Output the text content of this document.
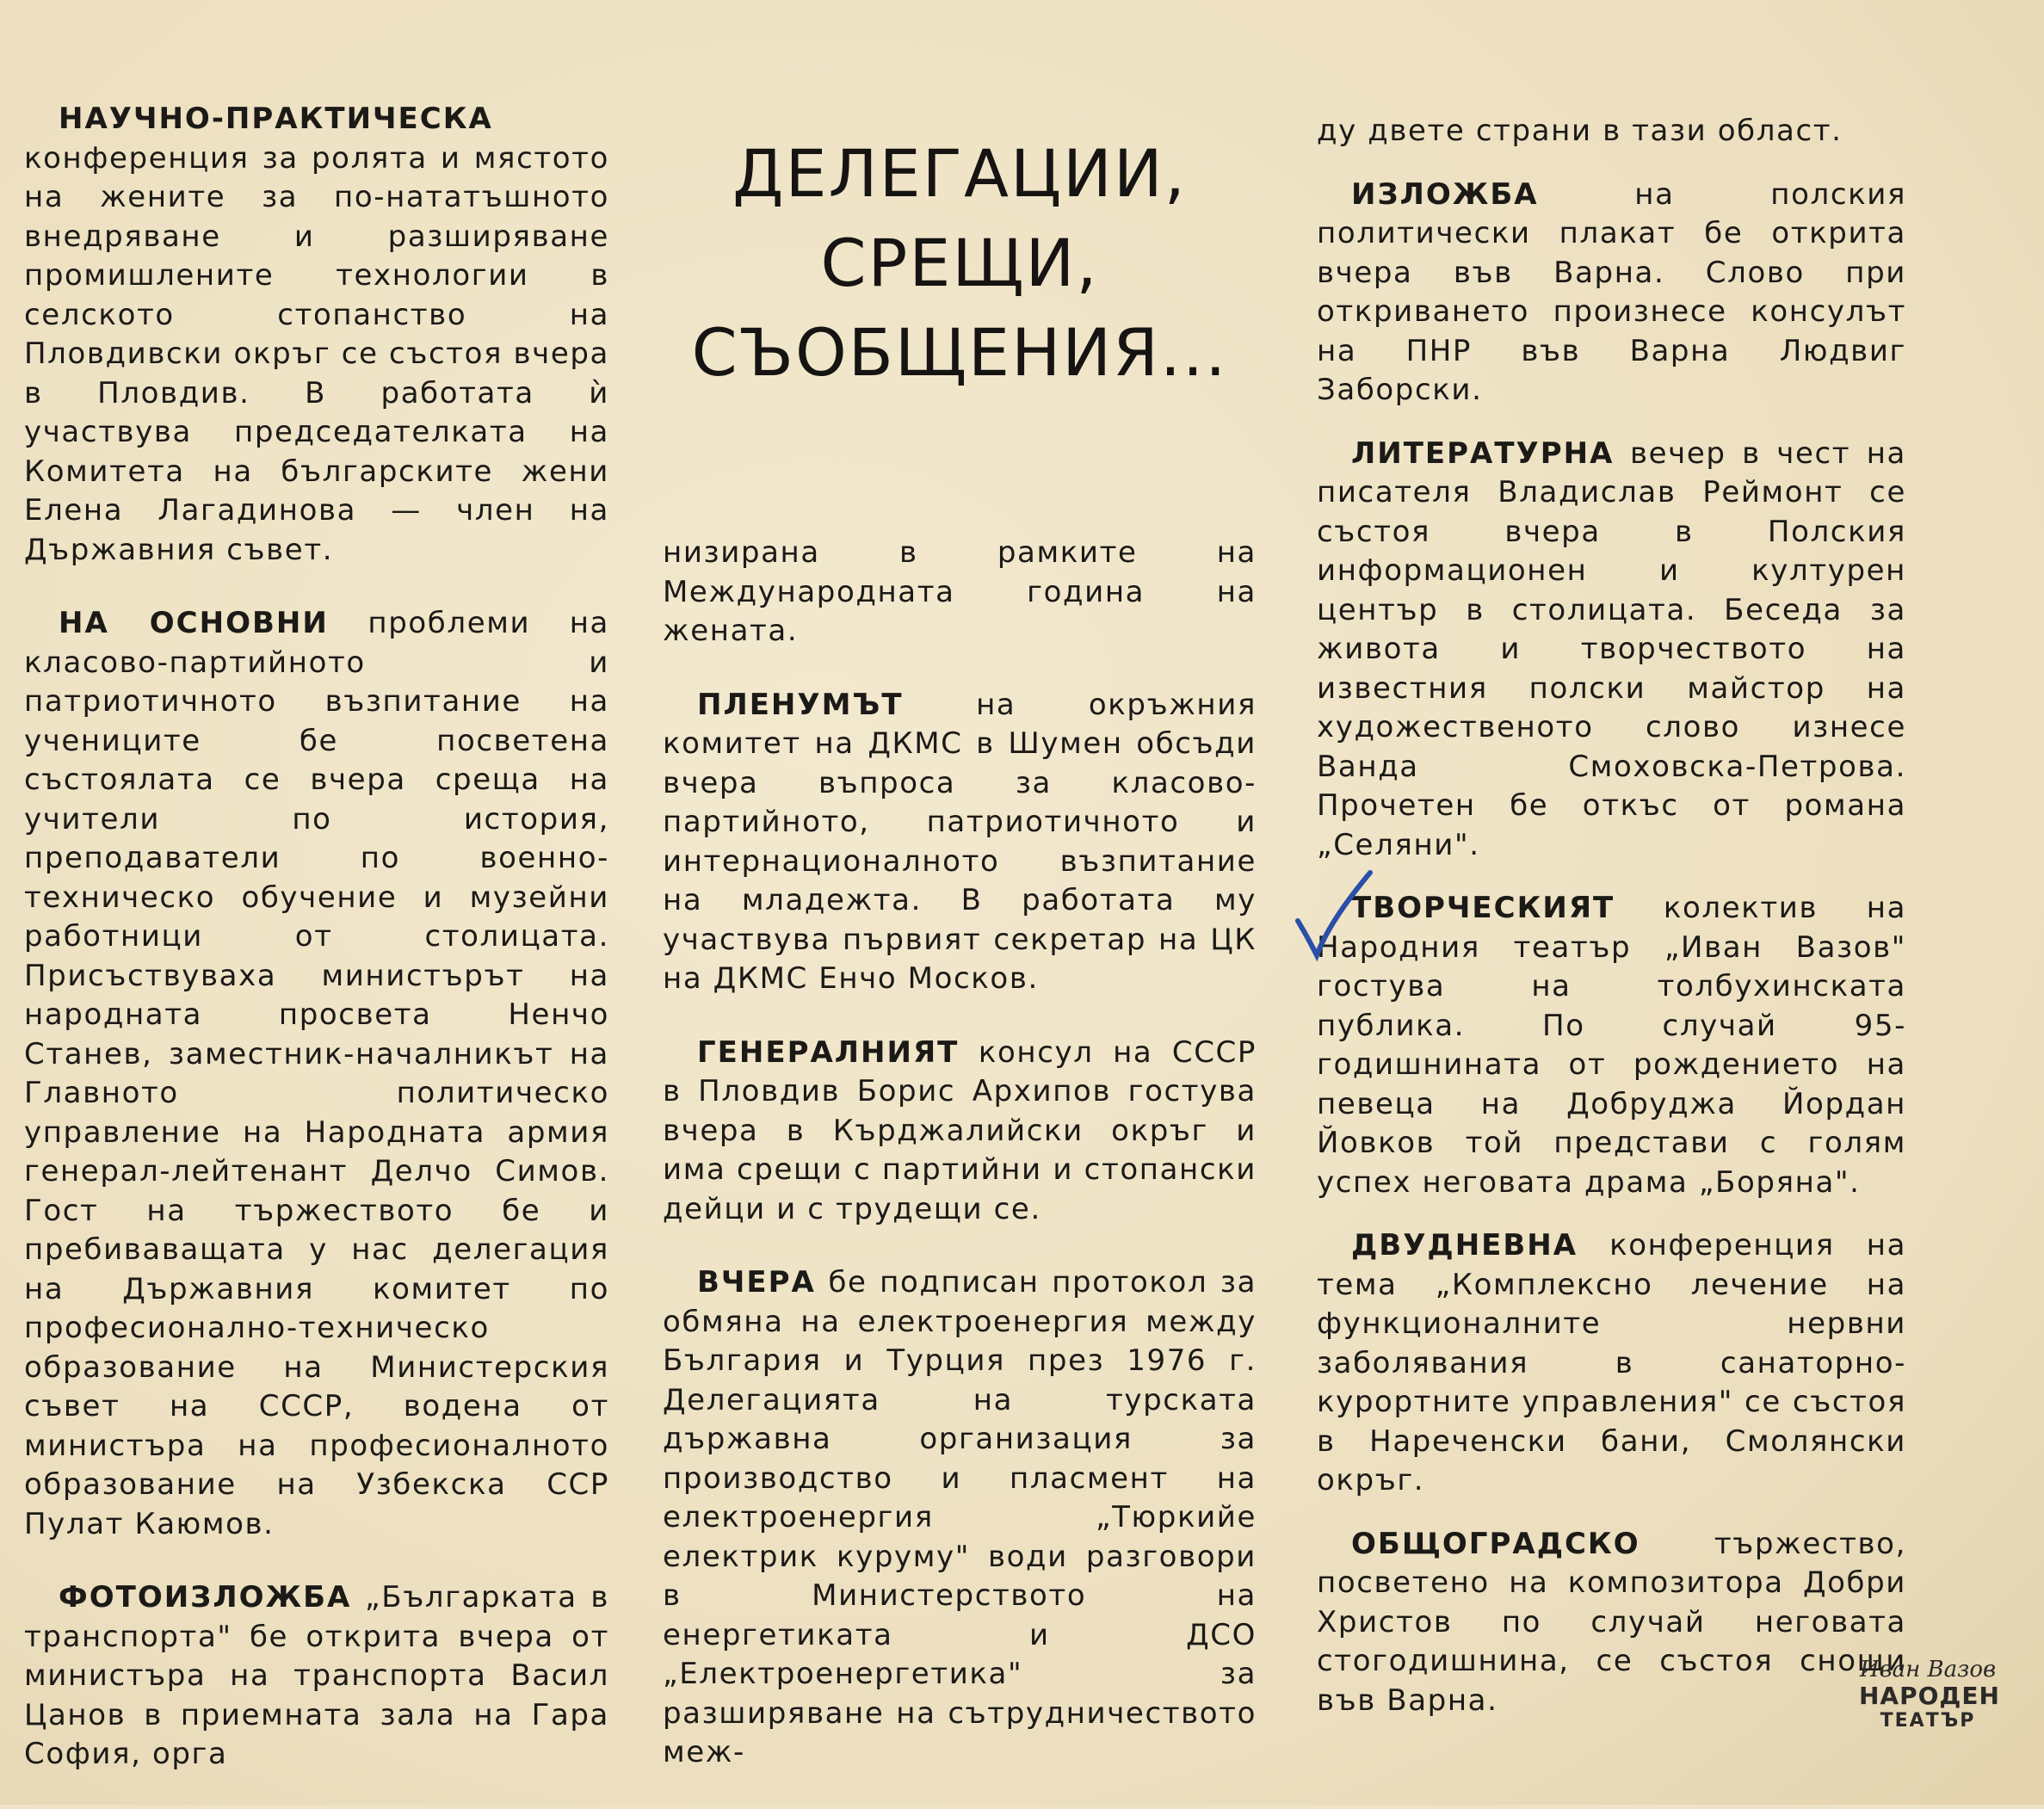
ДЕЛЕГАЦИИ,
СРЕЩИ,
СЪОБЩЕНИЯ...

НАУЧНО-ПРАКТИЧЕСКА конференция за ролята и мястото на жените за по-нататъшното внедряване и разширяване промишлените технологии в селското стопанство на Пловдивски окръг се състоя вчера в Пловдив. В работата ѝ участвува председателката на Комитета на българските жени Елена Лагадинова — член на Държавния съвет.

НА ОСНОВНИ проблеми на класово-партийното и патриотичното възпитание на учениците бе посветена състоялата се вчера среща на учители по история, преподаватели по военно-техническо обучение и музейни работници от столицата. Присъствуваха министърът на народната просвета Ненчо Станев, заместник-началникът на Главното политическо управление на Народната армия генерал-лейтенант Делчо Симов. Гост на тържеството бе и пребиваващата у нас делегация на Държавния комитет по професионално-техническо образование на Министерския съвет на СССР, водена от министъра на професионалното образование на Узбекска ССР Пулат Каюмов.

ФОТОИЗЛОЖБА „Българката в транспорта" бе открита вчера от министъра на транспорта Васил Цанов в приемната зала на Гара София, орга

низирана в рамките на Международната година на жената.

ПЛЕНУМЪТ на окръжния комитет на ДКМС в Шумен обсъди вчера въпроса за класово-партийното, патриотичното и интернационалното възпитание на младежта. В работата му участвува първият секретар на ЦК на ДКМС Енчо Москов.

ГЕНЕРАЛНИЯТ консул на СССР в Пловдив Борис Архипов гостува вчера в Кърджалийски окръг и има срещи с партийни и стопански дейци и с трудещи се.

ВЧЕРА бе подписан протокол за обмяна на електроенергия между България и Турция през 1976 г. Делегацията на турската държавна организация за производство и пласмент на електроенергия „Тюркийе електрик куруму" води разговори в Министерството на енергетиката и ДСО „Електроенергетика" за разширяване на сътрудничеството меж-

ду двете страни в тази област.

ИЗЛОЖБА на полския политически плакат бе открита вчера във Варна. Слово при откриването произнесе консулът на ПНР във Варна Людвиг Заборски.

ЛИТЕРАТУРНА вечер в чест на писателя Владислав Реймонт се състоя вчера в Полския информационен и културен център в столицата. Беседа за живота и творчеството на известния полски майстор на художественото слово изнесе Ванда Смоховска-Петрова. Прочетен бе откъс от романа „Селяни".

ТВОРЧЕСКИЯТ колектив на Народния театър „Иван Вазов" гостува на толбухинската публика. По случай 95-годишнината от рождението на певеца на Добруджа Йордан Йовков той представи с голям успех неговата драма „Боряна".

ДВУДНЕВНА конференция на тема „Комплексно лечение на функционалните нервни заболявания в санаторно-курортните управления" се състоя в Нареченски бани, Смолянски окръг.

ОБЩОГРАДСКО тържество, посветено на композитора Добри Христов по случай неговата стогодишнина, се състоя снощи във Варна.

Иван Вазов
НАРОДЕН
ТЕАТЪР
